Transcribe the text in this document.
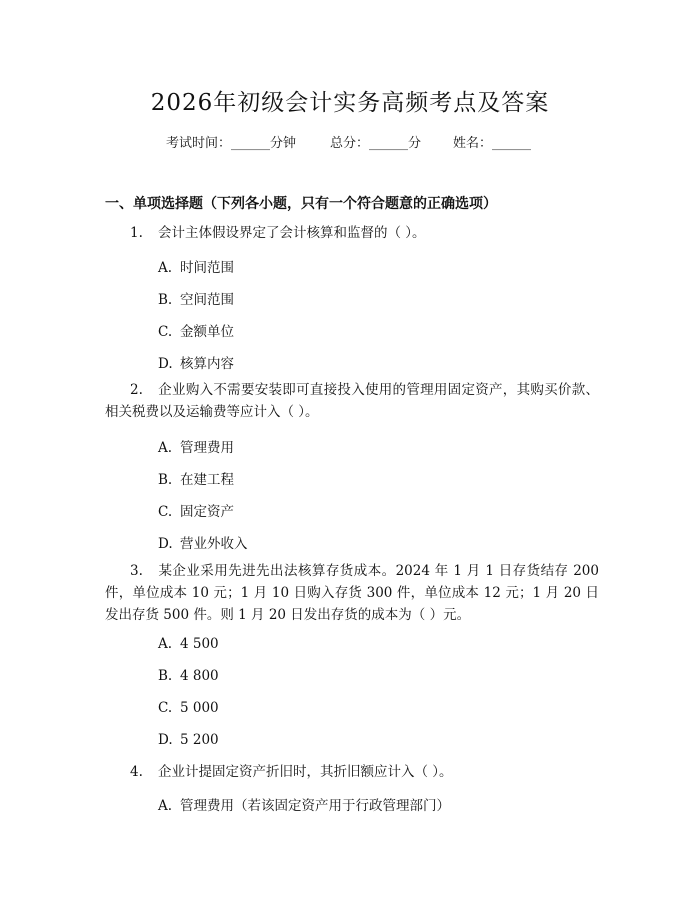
2026年初级会计实务高频考点及答案
考试时间：______分钟	总分：______分 姓名：______
一、单项选择题（下列各小题，只有一个符合题意的正确选项）
1. 会计主体假设界定了会计核算和监督的（ ）。
A. 时间范围
B. 空间范围
C. 金额单位
D. 核算内容
2. 企业购入不需要安装即可直接投入使用的管理用固定资产，其购买价款、相关税费以及运输费等应计入（ ）。
A. 管理费用
B. 在建工程
C. 固定资产
D. 营业外收入
3. 某企业采用先进先出法核算存货成本。2024 年 1 月 1 日存货结存 200 件，单位成本 10 元；1 月 10 日购入存货 300 件，单位成本 12 元；1 月 20 日发出存货 500 件。则 1 月 20 日发出存货的成本为（ ）元。
A. 4 500
B. 4 800
C. 5 000
D. 5 200
4. 企业计提固定资产折旧时，其折旧额应计入（ ）。
A. 管理费用（若该固定资产用于行政管理部门）
